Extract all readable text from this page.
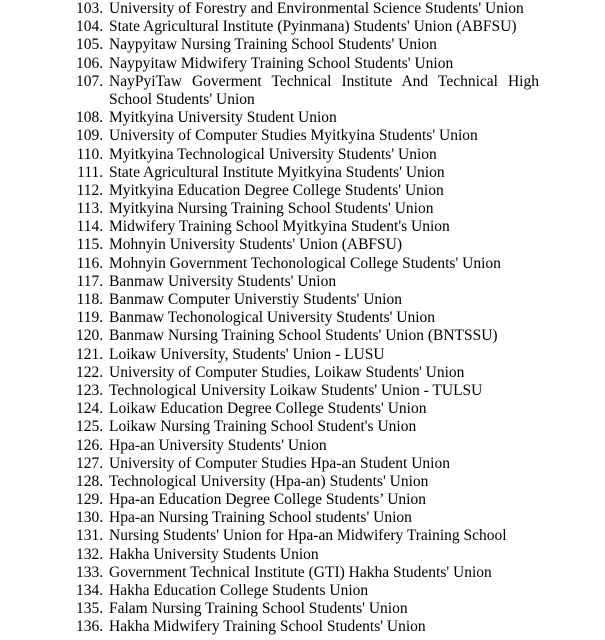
103. University of Forestry and Environmental Science Students' Union
104. State Agricultural Institute (Pyinmana) Students' Union (ABFSU)
105. Naypyitaw Nursing Training School Students' Union
106. Naypyitaw Midwifery Training School Students' Union
107. NayPyiTaw Goverment Technical Institute And Technical High School Students' Union
108. Myitkyina University Student Union
109. University of Computer Studies Myitkyina Students' Union
110. Myitkyina Technological University Students' Union
111. State Agricultural Institute Myitkyina Students' Union
112. Myitkyina Education Degree College Students' Union
113. Myitkyina Nursing Training School Students' Union
114. Midwifery Training School Myitkyina Student's Union
115. Mohnyin University Students' Union (ABFSU)
116. Mohnyin Government Techonological College Students' Union
117. Banmaw University Students' Union
118. Banmaw Computer Universtiy Students' Union
119. Banmaw Techonological University Students' Union
120. Banmaw Nursing Training School Students' Union (BNTSSU)
121. Loikaw University, Students' Union - LUSU
122. University of Computer Studies, Loikaw Students' Union
123. Technological University Loikaw Students' Union - TULSU
124. Loikaw Education Degree College Students' Union
125. Loikaw Nursing Training School Student's Union
126. Hpa-an University Students' Union
127. University of Computer Studies Hpa-an Student Union
128. Technological University (Hpa-an) Students' Union
129. Hpa-an Education Degree College Students’ Union
130. Hpa-an Nursing Training School students' Union
131. Nursing Students' Union for Hpa-an Midwifery Training School
132. Hakha University Students Union
133. Government Technical Institute (GTI) Hakha Students' Union
134. Hakha Education College Students Union
135. Falam Nursing Training School Students' Union
136. Hakha Midwifery Training School Students' Union
